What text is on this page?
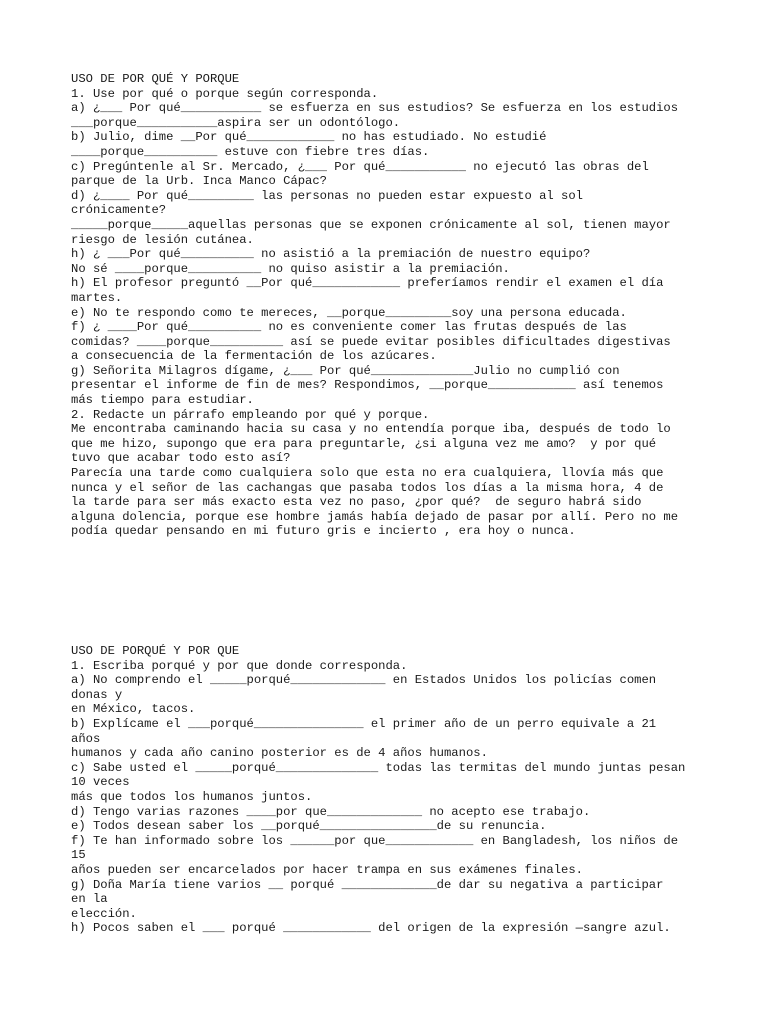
USO DE POR QUÉ Y PORQUE
1. Use por qué o porque según corresponda.
a) ¿___ Por qué___________ se esfuerza en sus estudios? Se esfuerza en los estudios
___porque___________aspira ser un odontólogo.
b) Julio, dime __Por qué____________ no has estudiado. No estudié
____porque__________ estuve con fiebre tres días.
c) Pregúntenle al Sr. Mercado, ¿___ Por qué___________ no ejecutó las obras del
parque de la Urb. Inca Manco Cápac?
d) ¿____ Por qué_________ las personas no pueden estar expuesto al sol
crónicamente?
_____porque_____aquellas personas que se exponen crónicamente al sol, tienen mayor
riesgo de lesión cutánea.
h) ¿ ___Por qué__________ no asistió a la premiación de nuestro equipo?
No sé ____porque__________ no quiso asistir a la premiación.
h) El profesor preguntó __Por qué____________ preferíamos rendir el examen el día
martes.
e) No te respondo como te mereces, __porque_________soy una persona educada.
f) ¿ ____Por qué__________ no es conveniente comer las frutas después de las
comidas? ____porque__________ así se puede evitar posibles dificultades digestivas
a consecuencia de la fermentación de los azúcares.
g) Señorita Milagros dígame, ¿___ Por qué______________Julio no cumplió con
presentar el informe de fin de mes? Respondimos, __porque____________ así tenemos
más tiempo para estudiar.
2. Redacte un párrafo empleando por qué y porque.
Me encontraba caminando hacia su casa y no entendía porque iba, después de todo lo
que me hizo, supongo que era para preguntarle, ¿si alguna vez me amo?  y por qué
tuvo que acabar todo esto así?
Parecía una tarde como cualquiera solo que esta no era cualquiera, llovía más que
nunca y el señor de las cachangas que pasaba todos los días a la misma hora, 4 de
la tarde para ser más exacto esta vez no paso, ¿por qué?  de seguro habrá sido
alguna dolencia, porque ese hombre jamás había dejado de pasar por allí. Pero no me
podía quedar pensando en mi futuro gris e incierto , era hoy o nunca.
USO DE PORQUÉ Y POR QUE
1. Escriba porqué y por que donde corresponda.
a) No comprendo el _____porqué_____________ en Estados Unidos los policías comen
donas y
en México, tacos.
b) Explícame el ___porqué_______________ el primer año de un perro equivale a 21
años
humanos y cada año canino posterior es de 4 años humanos.
c) Sabe usted el _____porqué______________ todas las termitas del mundo juntas pesan
10 veces
más que todos los humanos juntos.
d) Tengo varias razones ____por que_____________ no acepto ese trabajo.
e) Todos desean saber los __porqué________________de su renuncia.
f) Te han informado sobre los ______por que____________ en Bangladesh, los niños de
15
años pueden ser encarcelados por hacer trampa en sus exámenes finales.
g) Doña María tiene varios __ porqué _____________de dar su negativa a participar
en la
elección.
h) Pocos saben el ___ porqué ____________ del origen de la expresión —sangre azul.
